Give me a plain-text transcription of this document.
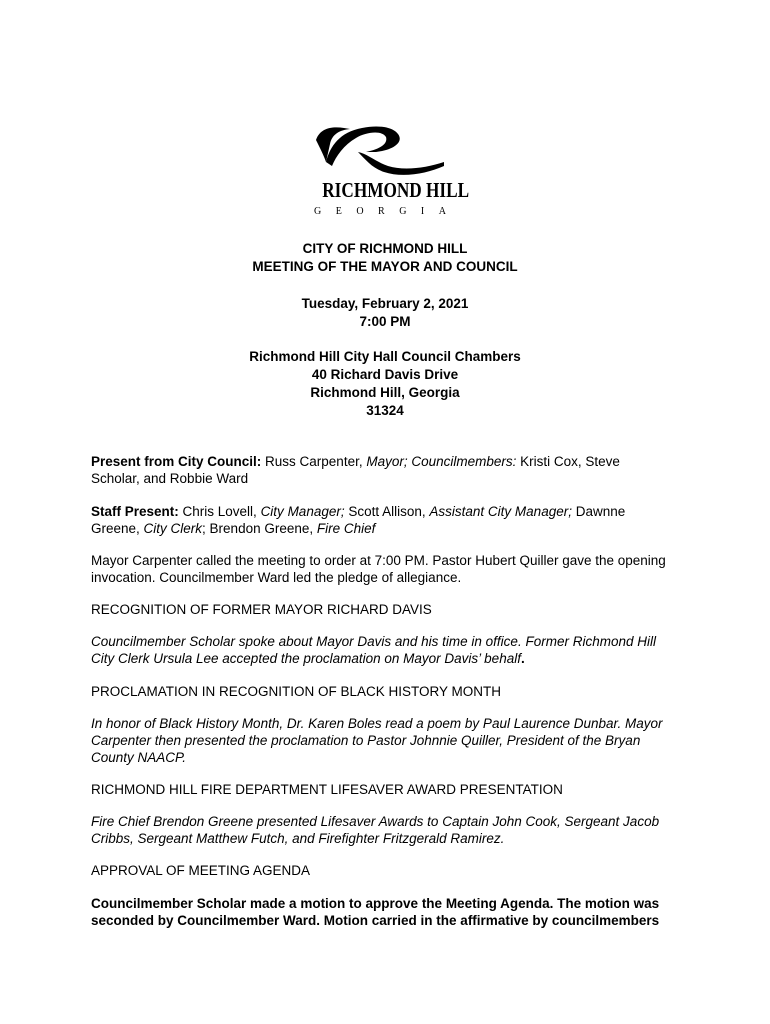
RICHMOND HILL
G E O R G I A
CITY OF RICHMOND HILL
MEETING OF THE MAYOR AND COUNCIL
Tuesday, February 2, 2021
7:00 PM
Richmond Hill City Hall Council Chambers
40 Richard Davis Drive
Richmond Hill, Georgia
31324
Present from City Council: Russ Carpenter, Mayor; Councilmembers: Kristi Cox, Steve Scholar, and Robbie Ward
Staff Present: Chris Lovell, City Manager; Scott Allison, Assistant City Manager; Dawnne Greene, City Clerk; Brendon Greene, Fire Chief
Mayor Carpenter called the meeting to order at 7:00 PM. Pastor Hubert Quiller gave the opening invocation. Councilmember Ward led the pledge of allegiance.
RECOGNITION OF FORMER MAYOR RICHARD DAVIS
Councilmember Scholar spoke about Mayor Davis and his time in office. Former Richmond Hill City Clerk Ursula Lee accepted the proclamation on Mayor Davis’ behalf.
PROCLAMATION IN RECOGNITION OF BLACK HISTORY MONTH
In honor of Black History Month, Dr. Karen Boles read a poem by Paul Laurence Dunbar. Mayor Carpenter then presented the proclamation to Pastor Johnnie Quiller, President of the Bryan County NAACP.
RICHMOND HILL FIRE DEPARTMENT LIFESAVER AWARD PRESENTATION
Fire Chief Brendon Greene presented Lifesaver Awards to Captain John Cook, Sergeant Jacob Cribbs, Sergeant Matthew Futch, and Firefighter Fritzgerald Ramirez.
APPROVAL OF MEETING AGENDA
Councilmember Scholar made a motion to approve the Meeting Agenda. The motion was seconded by Councilmember Ward. Motion carried in the affirmative by councilmembers
